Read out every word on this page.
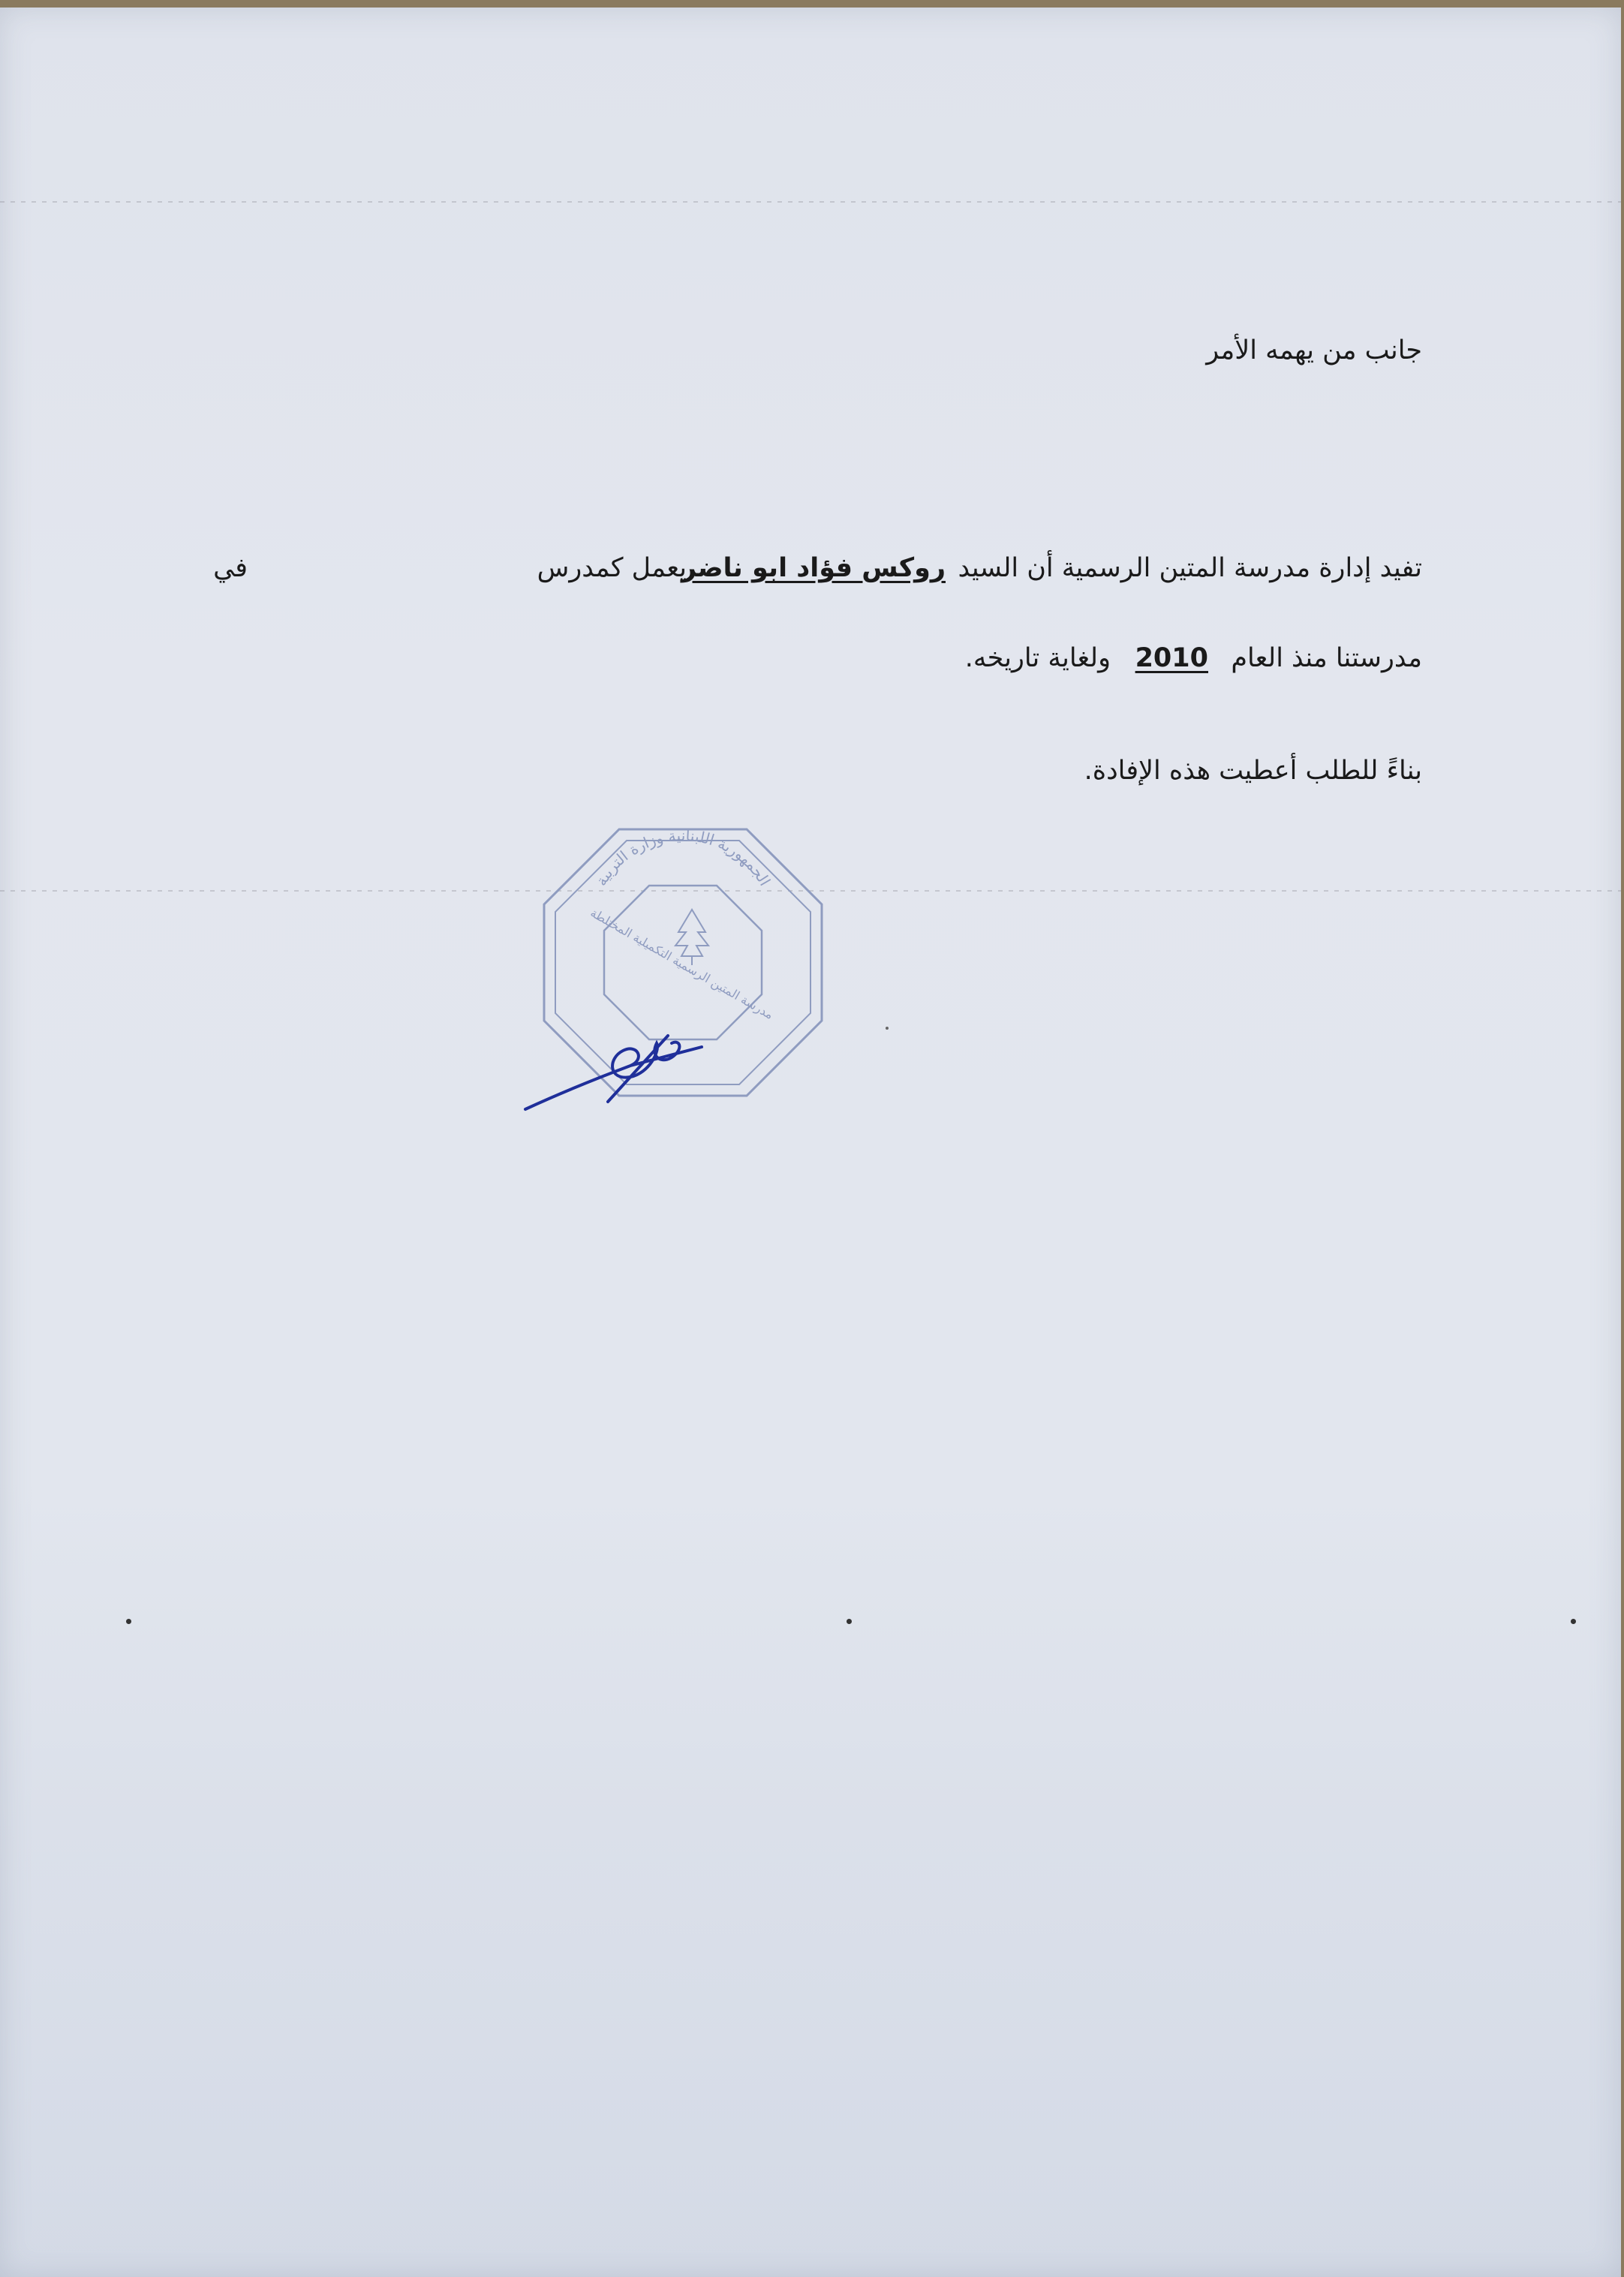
جانب من يهمه الأمر
تفيد إدارة مدرسة المتين الرسمية أن السيد
روكس فؤاد ابو ناضر
يعمل كمدرس
في
مدرستنا منذ العام
2010
ولغاية تاريخه.
بناءً للطلب أعطيت هذه الإفادة.
الجمهورية اللبنانية وزارة التربية
مدرسة المتين الرسمية التكميلية المختلطة
